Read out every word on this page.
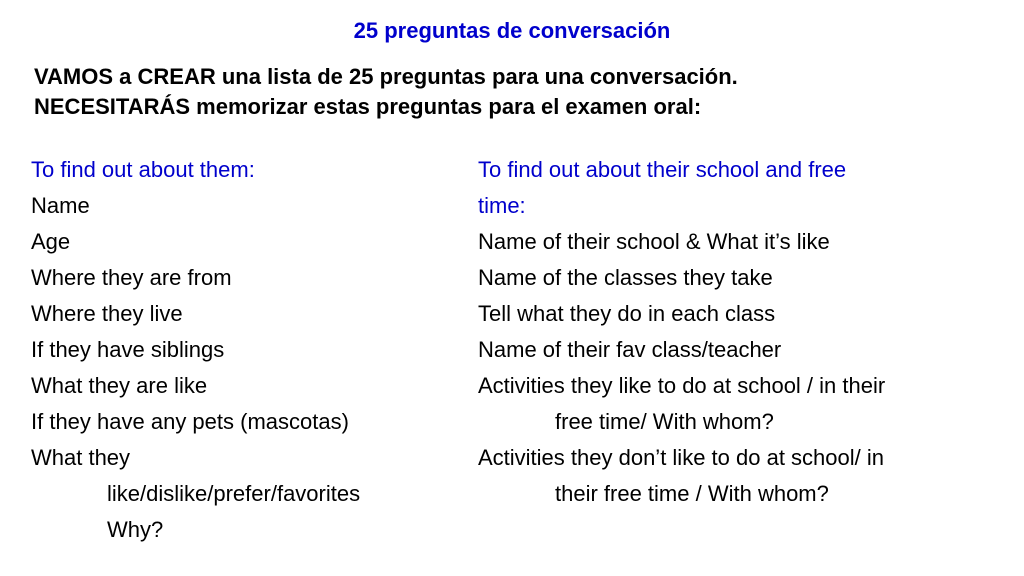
25 preguntas de conversación
VAMOS a CREAR una lista de 25 preguntas para una conversación.
NECESITARÁS memorizar estas preguntas para el examen oral:
To find out about them:
Name
Age
Where they are from
Where they live
If they have siblings
What they are like
If they have any pets (mascotas)
What they
like/dislike/prefer/favorites
Why?
To find out about their school and free
time:
Name of their school & What it’s like
Name of the classes they take
Tell what they do in each class
Name of their fav class/teacher
Activities they like to do at school / in their
free time/ With whom?
Activities they don’t like to do at school/ in
their free time / With whom?
